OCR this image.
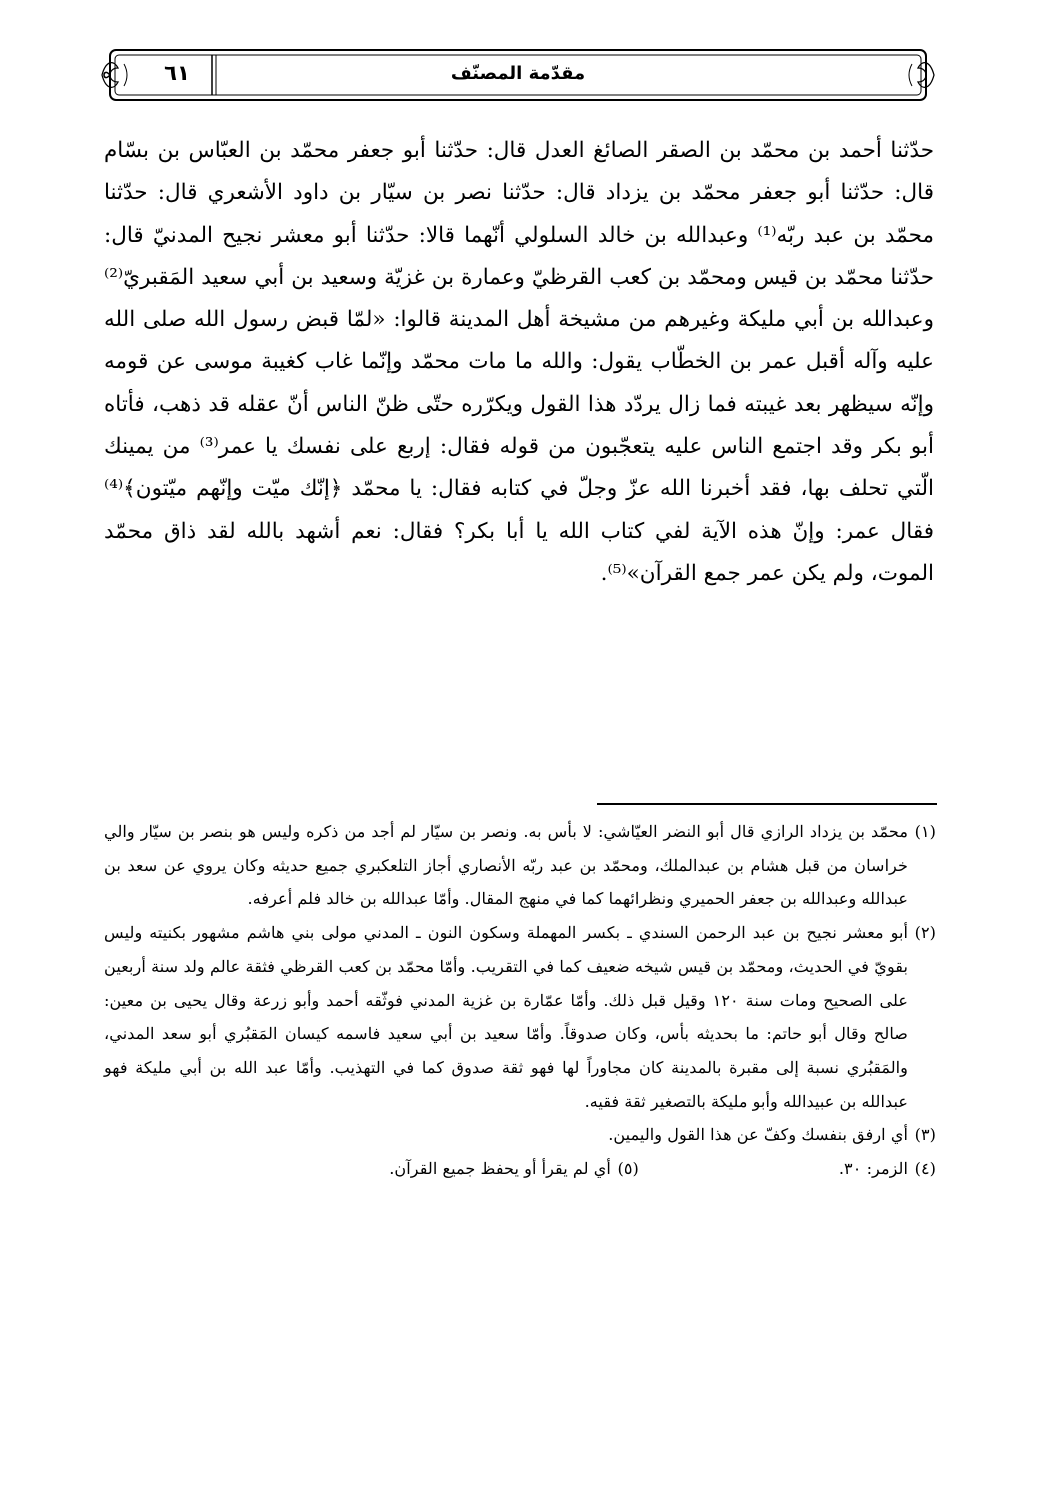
مقدّمة المصنّف
٦١

حدّثنا أحمد بن محمّد بن الصقر الصائغ العدل قال: حدّثنا أبو جعفر محمّد بن العبّاس بن بسّام قال: حدّثنا أبو جعفر محمّد بن يزداد قال: حدّثنا نصر بن سيّار بن داود الأشعري قال: حدّثنا محمّد بن عبد ربّه⁽¹⁾ وعبدالله بن خالد السلولي أنّهما قالا: حدّثنا أبو معشر نجيح المدنيّ قال: حدّثنا محمّد بن قيس ومحمّد بن كعب القرظيّ وعمارة بن غزيّة وسعيد بن أبي سعيد المَقبريّ⁽²⁾ وعبدالله بن أبي مليكة وغيرهم من مشيخة أهل المدينة قالوا: «لمّا قبض رسول الله صلى الله عليه وآله أقبل عمر بن الخطّاب يقول: والله ما مات محمّد وإنّما غاب كغيبة موسى عن قومه وإنّه سيظهر بعد غيبته فما زال يردّد هذا القول ويكرّره حتّى ظنّ الناس أنّ عقله قد ذهب، فأتاه أبو بكر وقد اجتمع الناس عليه يتعجّبون من قوله فقال: إربع على نفسك يا عمر⁽³⁾ من يمينك الّتي تحلف بها، فقد أخبرنا الله عزّ وجلّ في كتابه فقال: يا محمّد ﴿إنّك ميّت وإنّهم ميّتون﴾⁽⁴⁾ فقال عمر: وإنّ هذه الآية لفي كتاب الله يا أبا بكر؟ فقال: نعم أشهد بالله لقد ذاق محمّد الموت، ولم يكن عمر جمع القرآن»⁽⁵⁾.

(١)محمّد بن يزداد الرازي قال أبو النضر العيّاشي: لا بأس به. ونصر بن سيّار لم أجد من ذكره وليس هو بنصر بن سيّار والي خراسان من قبل هشام بن عبدالملك، ومحمّد بن عبد ربّه الأنصاري أجاز التلعكبري جميع حديثه وكان يروي عن سعد بن عبدالله وعبدالله بن جعفر الحميري ونظرائهما كما في منهج المقال. وأمّا عبدالله بن خالد فلم أعرفه.

(٢)أبو معشر نجيح بن عبد الرحمن السندي ـ بكسر المهملة وسكون النون ـ المدني مولى بني هاشم مشهور بكنيته وليس بقويّ في الحديث، ومحمّد بن قيس شيخه ضعيف كما في التقريب. وأمّا محمّد بن كعب القرظي فثقة عالم ولد سنة أربعين على الصحيح ومات سنة ١٢٠ وقيل قبل ذلك. وأمّا عمّارة بن غزية المدني فوثّقه أحمد وأبو زرعة وقال يحيى بن معين: صالح وقال أبو حاتم: ما بحديثه بأس، وكان صدوقاً. وأمّا سعيد بن أبي سعيد فاسمه كيسان المَقبُري أبو سعد المدني، والمَقبُري نسبة إلى مقبرة بالمدينة كان مجاوراً لها فهو ثقة صدوق كما في التهذيب. وأمّا عبد الله بن أبي مليكة فهو عبدالله بن عبيدالله وأبو مليكة بالتصغير ثقة فقيه.

(٣)أي ارفق بنفسك وكفّ عن هذا القول واليمين.

(٤)الزمر: ٣٠.
(٥)أي لم يقرأ أو يحفظ جميع القرآن.
